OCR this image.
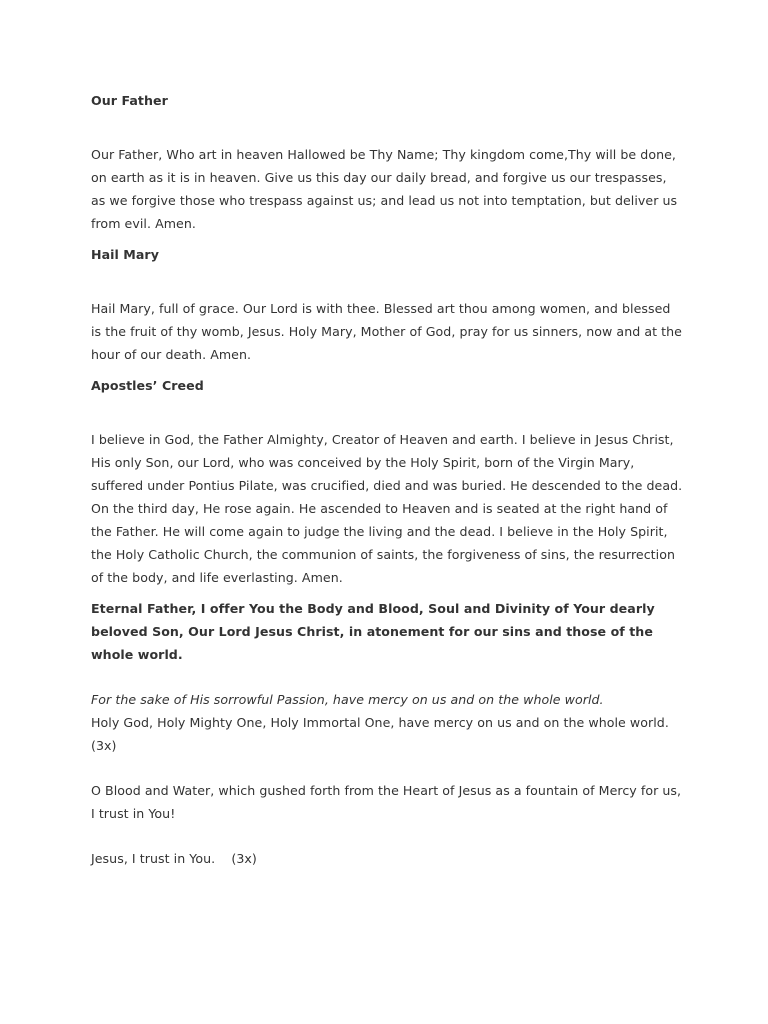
Our Father

Our Father, Who art in heaven Hallowed be Thy Name; Thy kingdom come,Thy will be done, on earth as it is in heaven. Give us this day our daily bread, and forgive us our trespasses, as we forgive those who trespass against us; and lead us not into temptation, but deliver us from evil. Amen.

Hail Mary

Hail Mary, full of grace. Our Lord is with thee. Blessed art thou among women, and blessed is the fruit of thy womb, Jesus. Holy Mary, Mother of God, pray for us sinners, now and at the hour of our death. Amen.

Apostles’ Creed

I believe in God, the Father Almighty, Creator of Heaven and earth. I believe in Jesus Christ, His only Son, our Lord, who was conceived by the Holy Spirit, born of the Virgin Mary, suffered under Pontius Pilate, was crucified, died and was buried. He descended to the dead. On the third day, He rose again. He ascended to Heaven and is seated at the right hand of the Father. He will come again to judge the living and the dead. I believe in the Holy Spirit, the Holy Catholic Church, the communion of saints, the forgiveness of sins, the resurrection of the body, and life everlasting. Amen.

Eternal Father, I offer You the Body and Blood, Soul and Divinity of Your dearly beloved Son, Our Lord Jesus Christ, in atonement for our sins and those of the whole world.

For the sake of His sorrowful Passion, have mercy on us and on the whole world.

Holy God, Holy Mighty One, Holy Immortal One, have mercy on us and on the whole world. (3x)

O Blood and Water, which gushed forth from the Heart of Jesus as a fountain of Mercy for us, I trust in You!

Jesus, I trust in You.    (3x)
